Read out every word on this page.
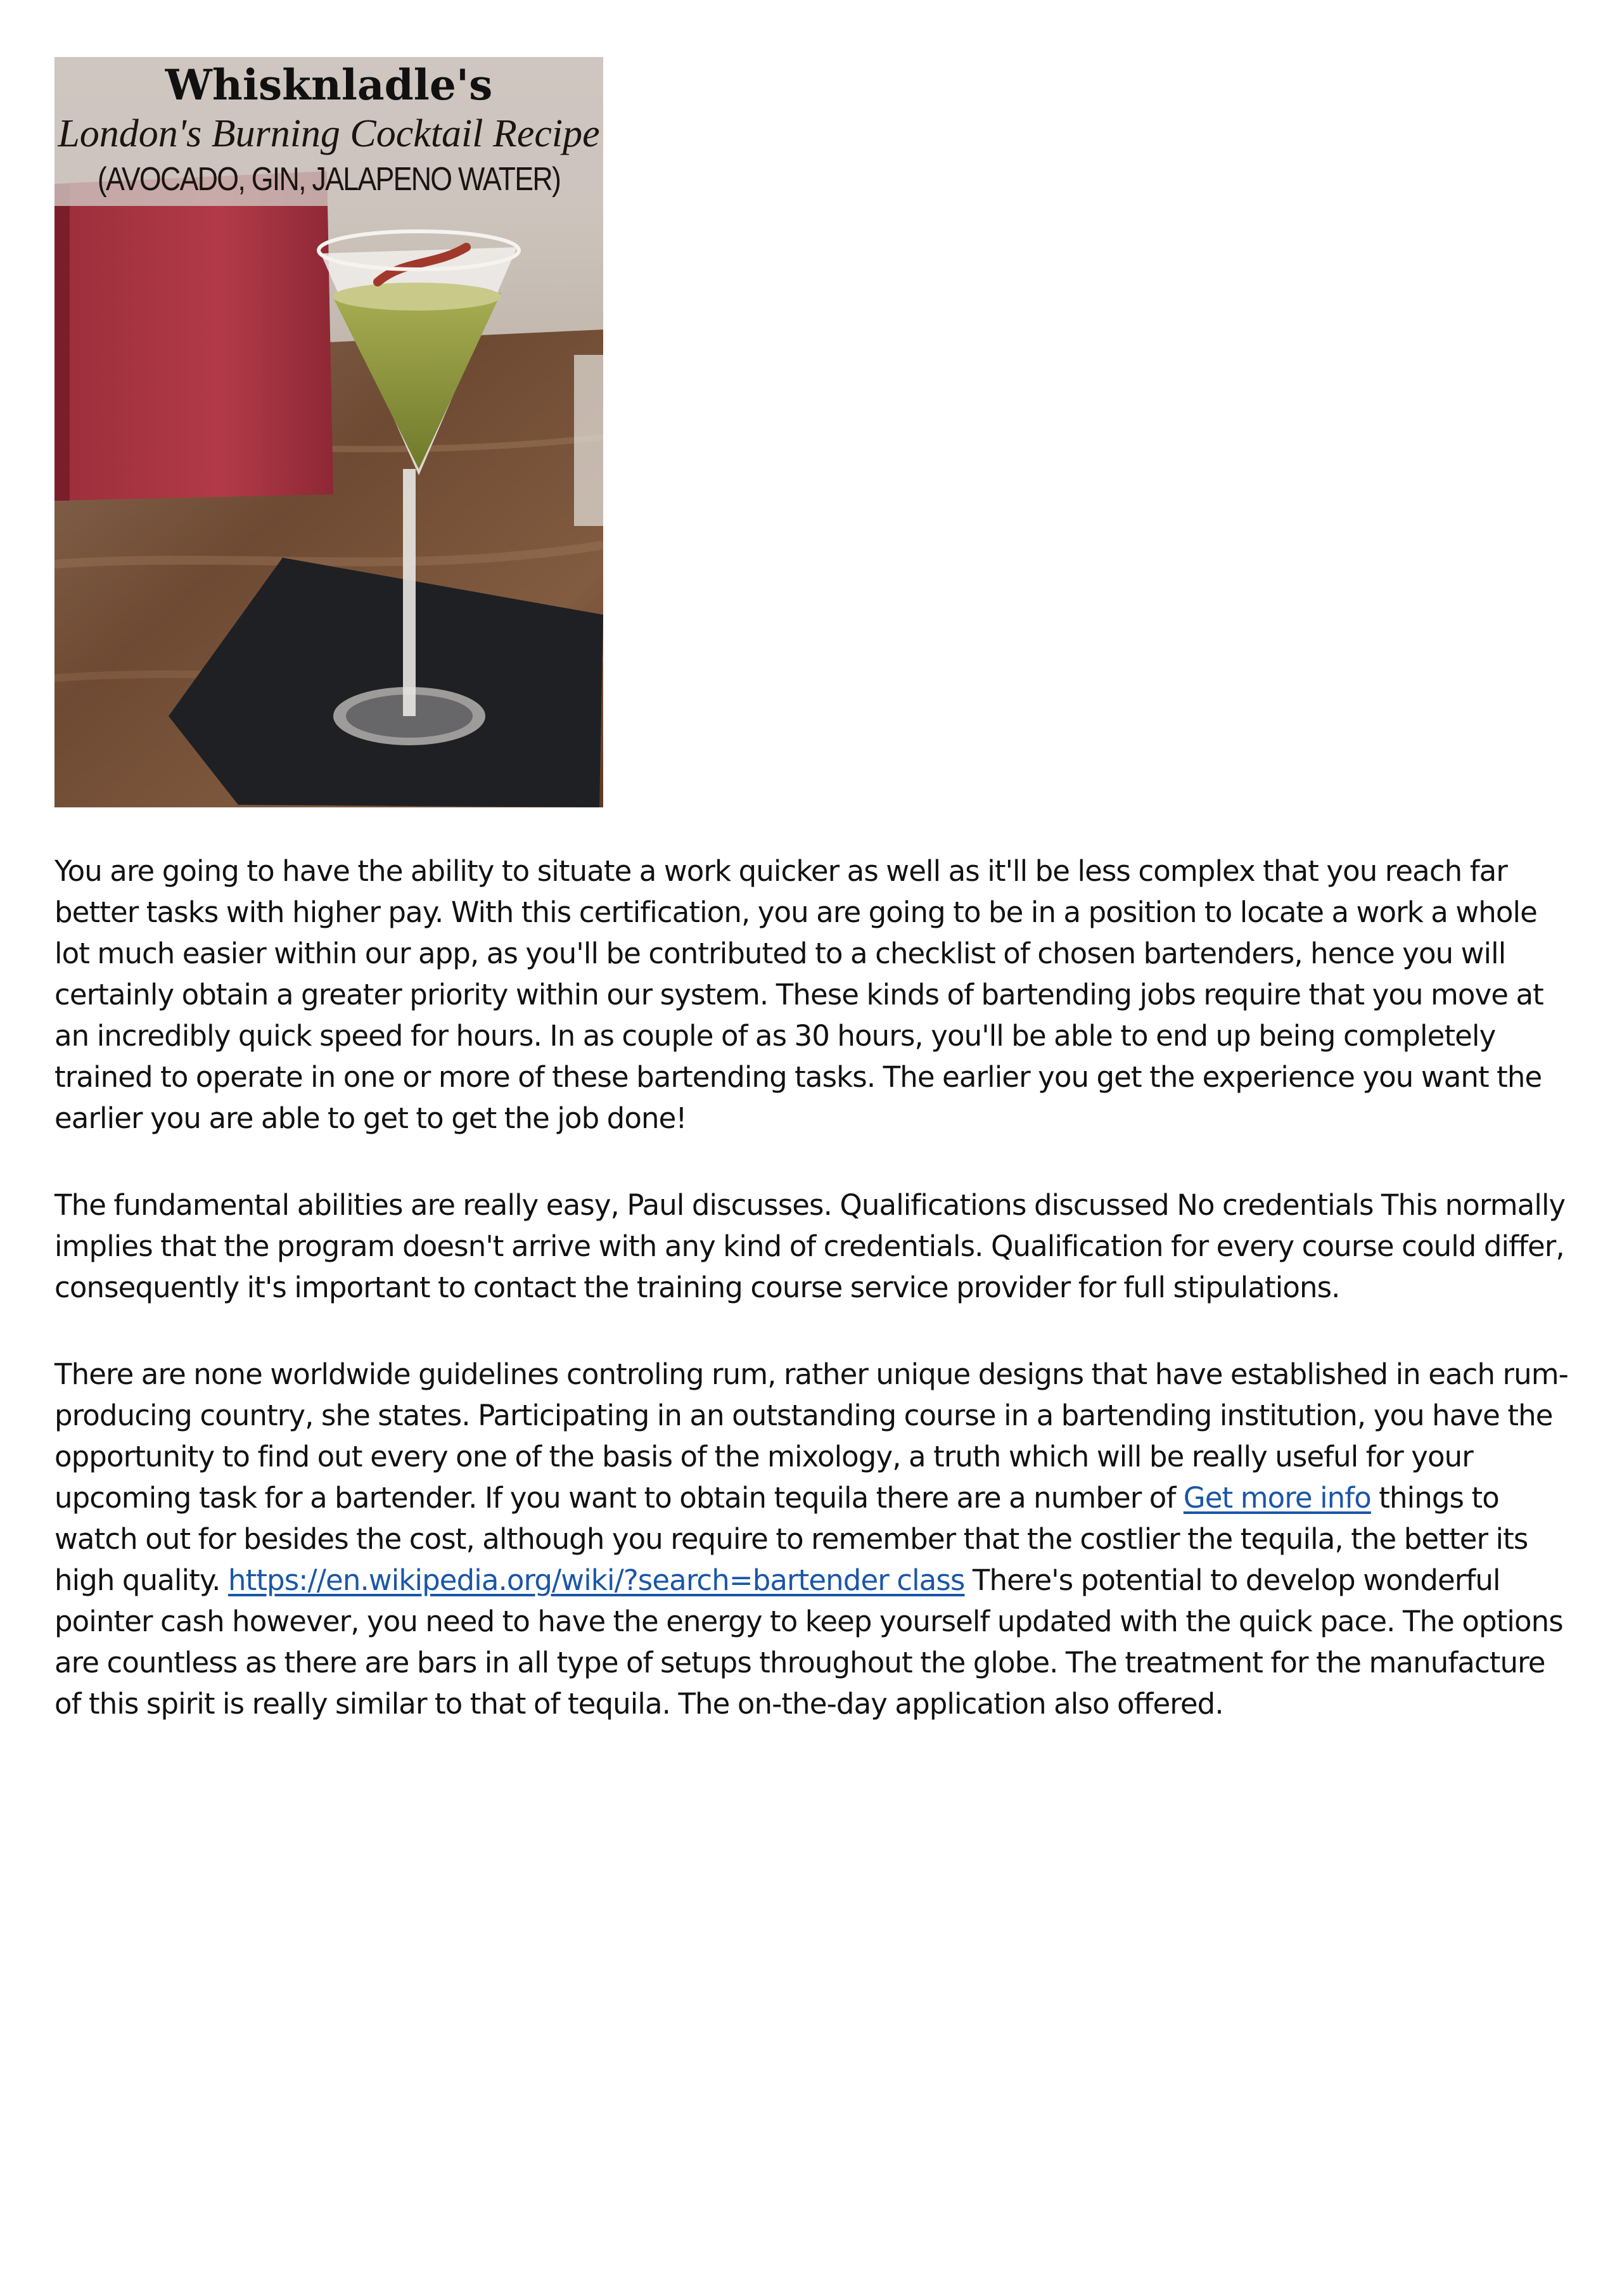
Whisknladle's
London's Burning Cocktail Recipe
(AVOCADO, GIN, JALAPENO WATER)

You are going to have the ability to situate a work quicker as well as it'll be less complex that you reach far better tasks with higher pay. With this certification, you are going to be in a position to locate a work a whole lot much easier within our app, as you'll be contributed to a checklist of chosen bartenders, hence you will certainly obtain a greater priority within our system. These kinds of bartending jobs require that you move at an incredibly quick speed for hours. In as couple of as 30 hours, you'll be able to end up being completely trained to operate in one or more of these bartending tasks. The earlier you get the experience you want the earlier you are able to get to get the job done!

The fundamental abilities are really easy, Paul discusses. Qualifications discussed No credentials This normally implies that the program doesn't arrive with any kind of credentials. Qualification for every course could differ, consequently it's important to contact the training course service provider for full stipulations.

There are none worldwide guidelines controling rum, rather unique designs that have established in each rum-producing country, she states. Participating in an outstanding course in a bartending institution, you have the opportunity to find out every one of the basis of the mixology, a truth which will be really useful for your upcoming task for a bartender. If you want to obtain tequila there are a number of Get more info things to watch out for besides the cost, although you require to remember that the costlier the tequila, the better its high quality. https://en.wikipedia.org/wiki/?search=bartender class There's potential to develop wonderful pointer cash however, you need to have the energy to keep yourself updated with the quick pace. The options are countless as there are bars in all type of setups throughout the globe. The treatment for the manufacture of this spirit is really similar to that of tequila. The on-the-day application also offered.
